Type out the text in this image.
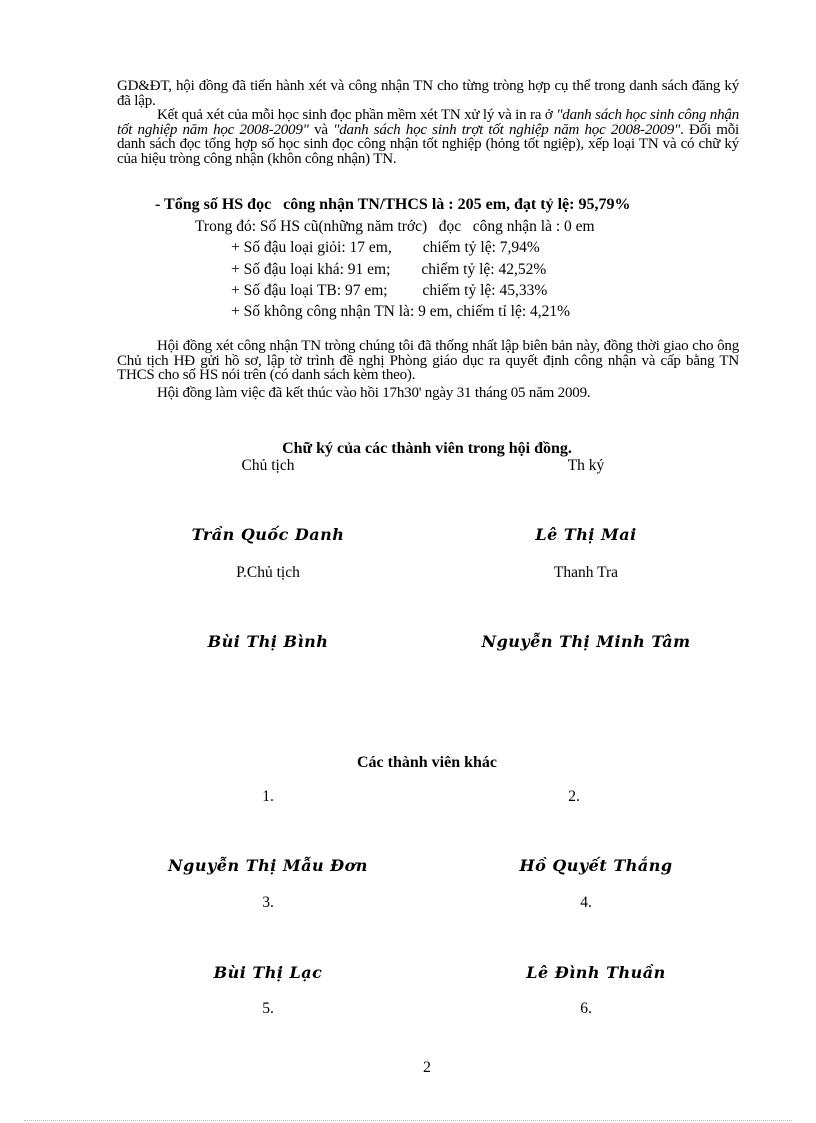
GD&ĐT, hội đồng đã tiến hành xét và công nhận TN cho từng tròng hợp cụ thể trong danh sách đăng ký đã lập.

Kết quả xét của mỗi học sinh đọc phần mềm xét TN xử lý và in ra ở "danh sách học sinh công nhận tốt nghiệp năm học 2008-2009" và "danh sách học sinh trợt tốt nghiệp năm học 2008-2009". Đối mỗi danh sách đọc tổng hợp số học sinh đọc công nhận tốt nghiệp (hỏng tốt ngiệp), xếp loại TN và có chữ ký của hiệu tròng công nhận (khôn công nhận) TN.

- Tổng số HS đọc   công nhận TN/THCS là : 205 em, đạt tỷ lệ: 95,79%
Trong đó: Số HS cũ(những năm trớc)   đọc   công nhận là : 0 em
+ Số đậu loại giỏi: 17 em,        chiếm tỷ lệ: 7,94%
+ Số đậu loại khá: 91 em;        chiếm tỷ lệ: 42,52%
+ Số đậu loại TB: 97 em;         chiếm tỷ lệ: 45,33%
+ Số không công nhận TN là: 9 em, chiếm tỉ lệ: 4,21%

Hội đồng xét công nhận TN tròng chúng tôi đã thống nhất lập biên bản này, đồng thời giao cho ông Chủ tịch HĐ gửi hồ sơ, lập tờ trình đề nghị Phòng giáo dục ra quyết định công nhận và cấp bằng TN THCS cho số HS nói trên (có danh sách kèm theo).

Hội đồng làm việc đã kết thúc vào hồi 17h30' ngày 31 tháng 05 năm 2009.

Chữ ký của các thành viên trong hội đồng.
Chủ tịch	Th ký
Trần Quốc Danh	Lê Thị Mai
P.Chủ tịch	Thanh Tra
Bùi Thị Bình	Nguyễn Thị Minh Tâm
Các thành viên khác
1.	2.
Nguyễn Thị Mẫu Đơn	Hồ Quyết Thắng
3.	4.
Bùi Thị Lạc	Lê Đình Thuần
5.	6.
2
